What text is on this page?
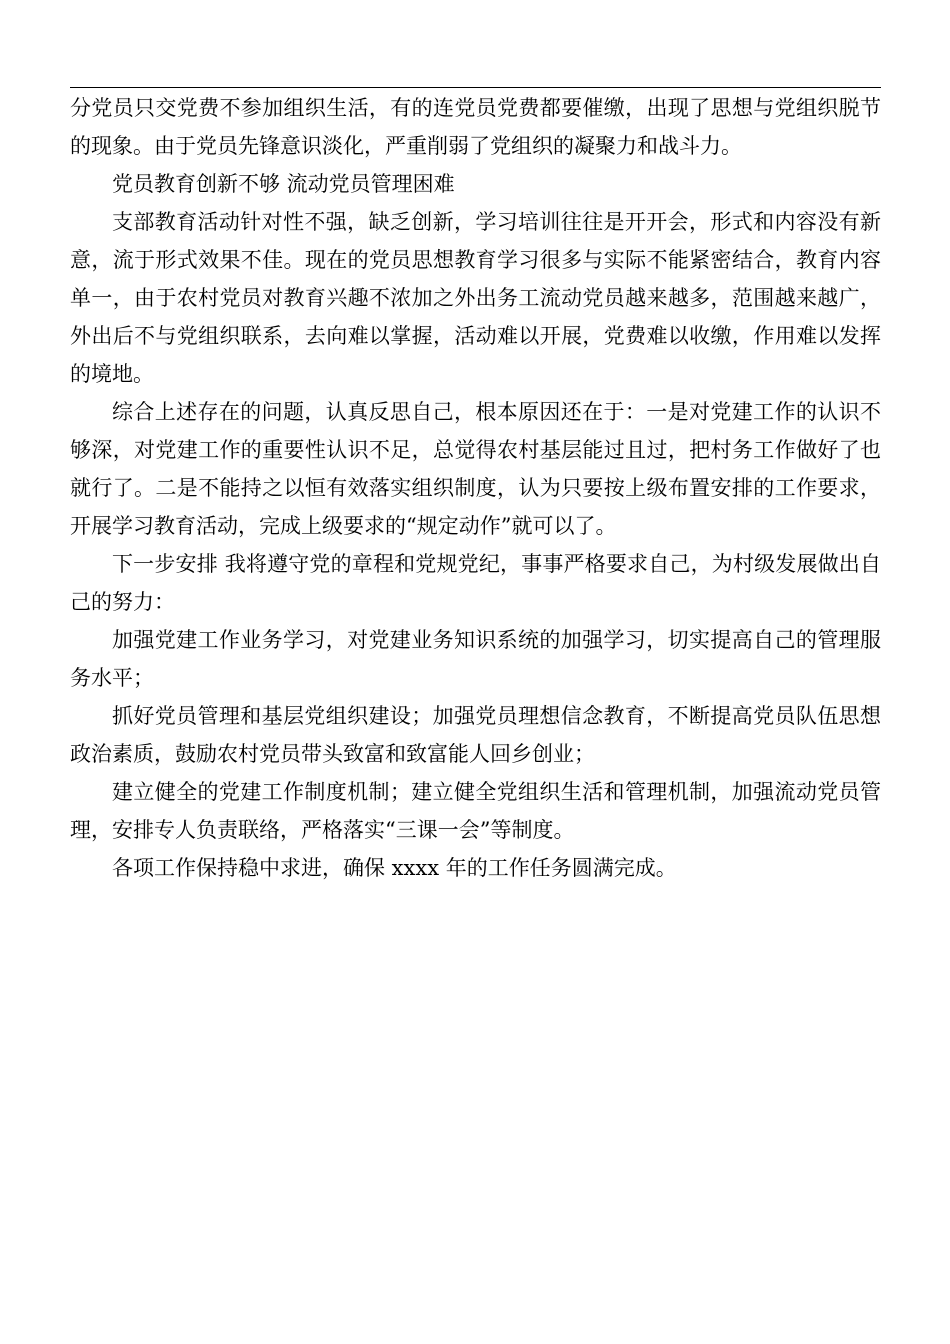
分党员只交党费不参加组织生活，有的连党员党费都要催缴，出现了思想与党组织脱节的现象。由于党员先锋意识淡化，严重削弱了党组织的凝聚力和战斗力。

党员教育创新不够 流动党员管理困难

支部教育活动针对性不强，缺乏创新，学习培训往往是开开会，形式和内容没有新意，流于形式效果不佳。现在的党员思想教育学习很多与实际不能紧密结合，教育内容单一，由于农村党员对教育兴趣不浓加之外出务工流动党员越来越多，范围越来越广，外出后不与党组织联系，去向难以掌握，活动难以开展，党费难以收缴，作用难以发挥的境地。

综合上述存在的问题，认真反思自己，根本原因还在于：一是对党建工作的认识不够深，对党建工作的重要性认识不足，总觉得农村基层能过且过，把村务工作做好了也就行了。二是不能持之以恒有效落实组织制度，认为只要按上级布置安排的工作要求，开展学习教育活动，完成上级要求的“规定动作”就可以了。

下一步安排 我将遵守党的章程和党规党纪，事事严格要求自己，为村级发展做出自己的努力：

加强党建工作业务学习，对党建业务知识系统的加强学习，切实提高自己的管理服务水平；

抓好党员管理和基层党组织建设；加强党员理想信念教育，不断提高党员队伍思想政治素质，鼓励农村党员带头致富和致富能人回乡创业；

建立健全的党建工作制度机制；建立健全党组织生活和管理机制，加强流动党员管理，安排专人负责联络，严格落实“三课一会”等制度。

各项工作保持稳中求进，确保 xxxx 年的工作任务圆满完成。
